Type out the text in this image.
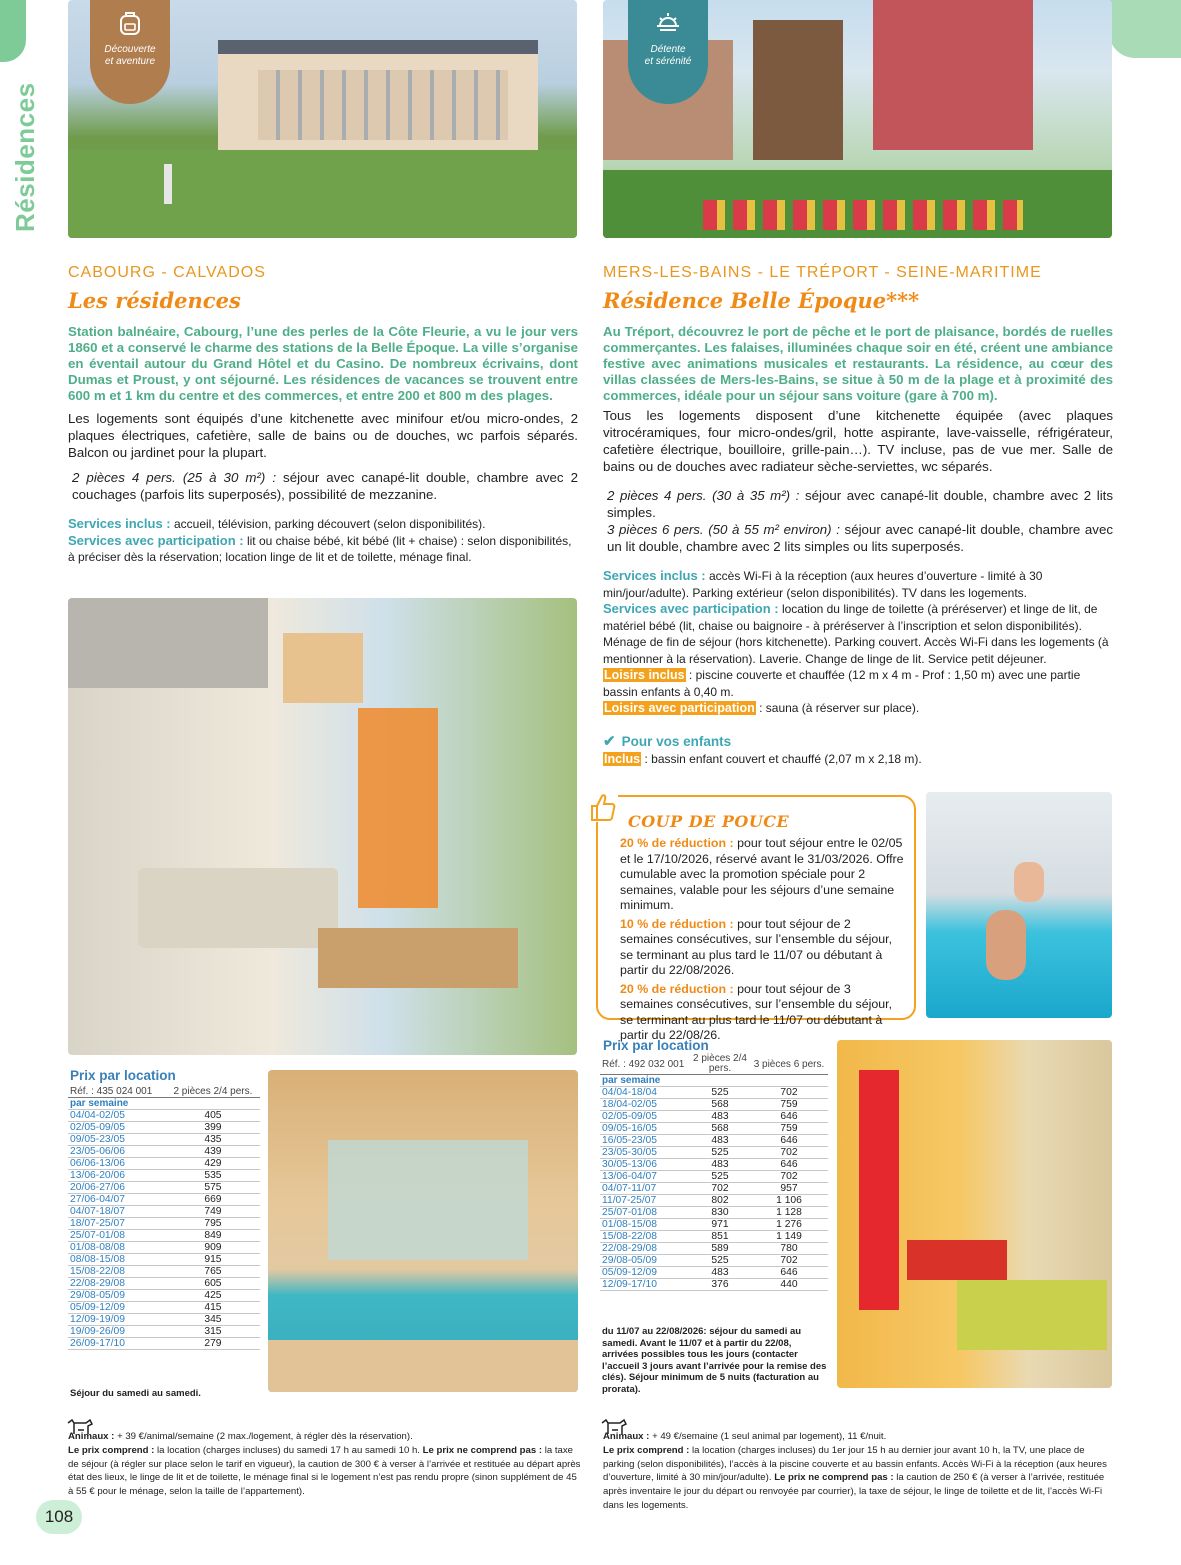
Résidences
Découverte
et aventure
CABOURG - CALVADOS
Les résidences
Station balnéaire, Cabourg, l’une des perles de la Côte Fleurie, a vu le jour vers 1860 et a conservé le charme des stations de la Belle Époque. La ville s’organise en éventail autour du Grand Hôtel et du Casino. De nombreux écrivains, dont Dumas et Proust, y ont séjourné. Les résidences de vacances se trouvent entre 600 m et 1 km du centre et des commerces, et entre 200 et 800 m des plages.
Les logements sont équipés d’une kitchenette avec minifour et/ou micro-ondes, 2 plaques électriques, cafetière, salle de bains ou de douches, wc parfois séparés. Balcon ou jardinet pour la plupart.
2 pièces 4 pers. (25 à 30 m²) : séjour avec canapé-lit double, chambre avec 2 couchages (parfois lits superposés), possibilité de mezzanine.
Services inclus : accueil, télévision, parking découvert (selon disponibilités).
Services avec participation : lit ou chaise bébé, kit bébé (lit + chaise) : selon disponibilités, à préciser dès la réservation; location linge de lit et de toilette, ménage final.
Prix par location
Réf. : 435 024 001	2 pièces 2/4 pers.
par semaine	
04/04-02/05	405
02/05-09/05	399
09/05-23/05	435
23/05-06/06	439
06/06-13/06	429
13/06-20/06	535
20/06-27/06	575
27/06-04/07	669
04/07-18/07	749
18/07-25/07	795
25/07-01/08	849
01/08-08/08	909
08/08-15/08	915
15/08-22/08	765
22/08-29/08	605
29/08-05/09	425
05/09-12/09	415
12/09-19/09	345
19/09-26/09	315
26/09-17/10	279
Séjour du samedi au samedi.
Animaux : + 39 €/animal/semaine (2 max./logement, à régler dès la réservation).
Le prix comprend : la location (charges incluses) du samedi 17 h au samedi 10 h. Le prix ne comprend pas : la taxe de séjour (à régler sur place selon le tarif en vigueur), la caution de 300 € à verser à l’arrivée et restituée au départ après état des lieux, le linge de lit et de toilette, le ménage final si le logement n’est pas rendu propre (sinon supplément de 45 à 55 € pour le ménage, selon la taille de l’appartement).
108
Détente
et sérénité
MERS-LES-BAINS - LE TRÉPORT - SEINE-MARITIME
Résidence Belle Époque***
Au Tréport, découvrez le port de pêche et le port de plaisance, bordés de ruelles commerçantes. Les falaises, illuminées chaque soir en été, créent une ambiance festive avec animations musicales et restaurants. La résidence, au cœur des villas classées de Mers-les-Bains, se situe à 50 m de la plage et à proximité des commerces, idéale pour un séjour sans voiture (gare à 700 m).
Tous les logements disposent d’une kitchenette équipée (avec plaques vitrocéramiques, four micro-ondes/gril, hotte aspirante, lave-vaisselle, réfrigérateur, cafetière électrique, bouilloire, grille-pain…). TV incluse, pas de vue mer. Salle de bains ou de douches avec radiateur sèche-serviettes, wc séparés.
2 pièces 4 pers. (30 à 35 m²) : séjour avec canapé-lit double, chambre avec 2 lits simples.
3 pièces 6 pers. (50 à 55 m² environ) : séjour avec canapé-lit double, chambre avec un lit double, chambre avec 2 lits simples ou lits superposés.
Services inclus : accès Wi-Fi à la réception (aux heures d’ouverture - limité à 30 min/jour/adulte). Parking extérieur (selon disponibilités). TV dans les logements.
Services avec participation : location du linge de toilette (à préréserver) et linge de lit, de matériel bébé (lit, chaise ou baignoire - à préréserver à l’inscription et selon disponibilités). Ménage de fin de séjour (hors kitchenette). Parking couvert. Accès Wi-Fi dans les logements (à mentionner à la réservation). Laverie. Change de linge de lit. Service petit déjeuner.
Loisirs inclus : piscine couverte et chauffée (12 m x 4 m - Prof : 1,50 m) avec une partie bassin enfants à 0,40 m.
Loisirs avec participation : sauna (à réserver sur place).
✔ Pour vos enfants
Inclus : bassin enfant couvert et chauffé (2,07 m x 2,18 m).
COUP DE POUCE

20 % de réduction : pour tout séjour entre le 02/05 et le 17/10/2026, réservé avant le 31/03/2026. Offre cumulable avec la promotion spéciale pour 2 semaines, valable pour les séjours d’une semaine minimum.

10 % de réduction : pour tout séjour de 2 semaines consécutives, sur l’ensemble du séjour, se terminant au plus tard le 11/07 ou débutant à partir du 22/08/2026.

20 % de réduction : pour tout séjour de 3 semaines consécutives, sur l’ensemble du séjour, se terminant au plus tard le 11/07 ou débutant à partir du 22/08/26.

Prix par location
Réf. : 492 032 001	2 pièces 2/4 pers.	3 pièces 6 pers.
par semaine		
04/04-18/04	525	702
18/04-02/05	568	759
02/05-09/05	483	646
09/05-16/05	568	759
16/05-23/05	483	646
23/05-30/05	525	702
30/05-13/06	483	646
13/06-04/07	525	702
04/07-11/07	702	957
11/07-25/07	802	1 106
25/07-01/08	830	1 128
01/08-15/08	971	1 276
15/08-22/08	851	1 149
22/08-29/08	589	780
29/08-05/09	525	702
05/09-12/09	483	646
12/09-17/10	376	440
du 11/07 au 22/08/2026: séjour du samedi au samedi. Avant le 11/07 et à partir du 22/08, arrivées possibles tous les jours (contacter l’accueil 3 jours avant l’arrivée pour la remise des clés). Séjour minimum de 5 nuits (facturation au prorata).
Animaux : + 49 €/semaine (1 seul animal par logement), 11 €/nuit.
Le prix comprend : la location (charges incluses) du 1er jour 15 h au dernier jour avant 10 h, la TV, une place de parking (selon disponibilités), l’accès à la piscine couverte et au bassin enfants. Accès Wi-Fi à la réception (aux heures d’ouverture, limité à 30 min/jour/adulte). Le prix ne comprend pas : la caution de 250 € (à verser à l’arrivée, restituée après inventaire le jour du départ ou renvoyée par courrier), la taxe de séjour, le linge de toilette et de lit, l’accès Wi-Fi dans les logements.
